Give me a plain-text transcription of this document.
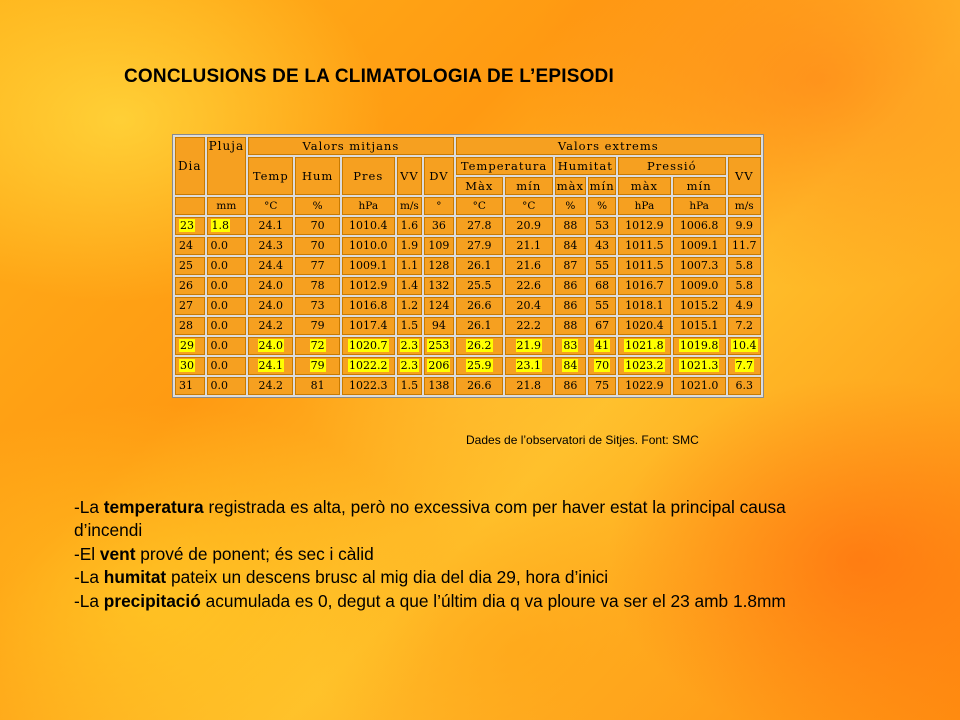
CONCLUSIONS DE LA CLIMATOLOGIA DE L’EPISODI
Dia	Pluja	Valors mitjans					Valors extrems						
		Temp	Hum	Pres	VV	DV	Temperatura		Humitat		Pressió		VV
							Màx	mín	màx	mín	màx	mín	
	mm	°C	%	hPa	m/s	°	°C	°C	%	%	hPa	hPa	m/s
23	1.8	24.1	70	1010.4	1.6	36	27.8	20.9	88	53	1012.9	1006.8	9.9
24	0.0	24.3	70	1010.0	1.9	109	27.9	21.1	84	43	1011.5	1009.1	11.7
25	0.0	24.4	77	1009.1	1.1	128	26.1	21.6	87	55	1011.5	1007.3	5.8
26	0.0	24.0	78	1012.9	1.4	132	25.5	22.6	86	68	1016.7	1009.0	5.8
27	0.0	24.0	73	1016.8	1.2	124	26.6	20.4	86	55	1018.1	1015.2	4.9
28	0.0	24.2	79	1017.4	1.5	94	26.1	22.2	88	67	1020.4	1015.1	7.2
29	0.0	24.0	72	1020.7	2.3	253	26.2	21.9	83	41	1021.8	1019.8	10.4
30	0.0	24.1	79	1022.2	2.3	206	25.9	23.1	84	70	1023.2	1021.3	7.7
31	0.0	24.2	81	1022.3	1.5	138	26.6	21.8	86	75	1022.9	1021.0	6.3
Dades de l’observatori de Sitjes. Font: SMC

-La temperatura registrada es alta, però no excessiva com per haver estat la principal causa d’incendi

-El vent prové de ponent; és sec i càlid

-La humitat pateix un descens brusc al mig dia del dia 29, hora d’inici

-La precipitació acumulada es 0, degut a que l’últim dia q va ploure va ser el 23 amb 1.8mm
